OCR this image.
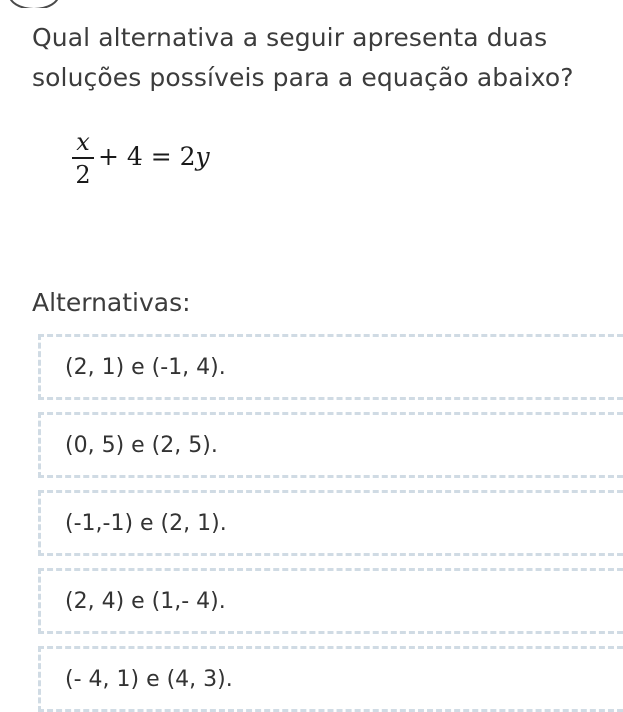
Qual alternativa a seguir apresenta duas soluções possíveis para a equação abaixo?
$\frac{x}{2} + 4 = 2y$
Alternativas:
(2, 1) e (-1, 4).
(0, 5) e (2, 5).
(-1,-1) e (2, 1).
(2, 4) e (1,- 4).
(- 4, 1) e (4, 3).
